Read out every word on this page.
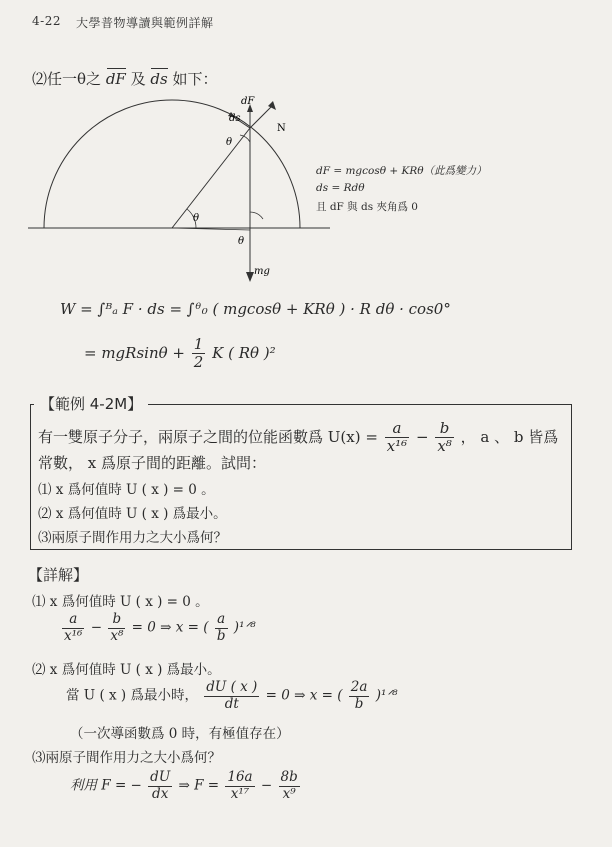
4-22 大學普物導讀與範例詳解
⑵任一θ之 dF 及 ds 如下：
dF
ds
N
θ
θ
θ
mg
dF = mgcosθ + KRθ（此爲變力）
ds = Rdθ
且 dF 與 ds 夾角爲 0
W = ∫ᴮₐ F · ds = ∫ᶿ₀ ( mgcosθ + KRθ ) · R dθ · cos0°
= $mgRsin\theta + \frac{1}{2}$ K ( Rθ )²
【範例 4-2M】
有一雙原子分子，兩原子之間的位能函數爲 $U(x) = \frac{a}{\text{x¹⁶}} - \frac{b}{\text{x⁸}}$ ， a 、 b 皆爲
常數， x 爲原子間的距離。試問：
⑴ x 爲何值時 U ( x ) = 0 。
⑵ x 爲何值時 U ( x ) 爲最小。
⑶兩原子間作用力之大小爲何？
【詳解】
⑴ x 爲何值時 U ( x ) = 0 。
$\frac{a}{\text{x¹⁶}} - \frac{b}{\text{x⁸}} = 0$ ⇒ x = ( $\frac{a}{b}$ )¹ᐟ⁸
⑵ x 爲何值時 U ( x ) 爲最小。
當 U ( x ) 爲最小時， $\frac{dU ( x )}{dt} = 0$ ⇒ x = ( $\frac{2a}{b}$ )¹ᐟ⁸
（一次導函數爲 0 時，有極值存在）
⑶兩原子間作用力之大小爲何？
利用 F = − $\frac{dU}{dx}$ ⇒ $F = \frac{16a}{\text{x¹⁷}} - \frac{8b}{\text{x⁹}}$
